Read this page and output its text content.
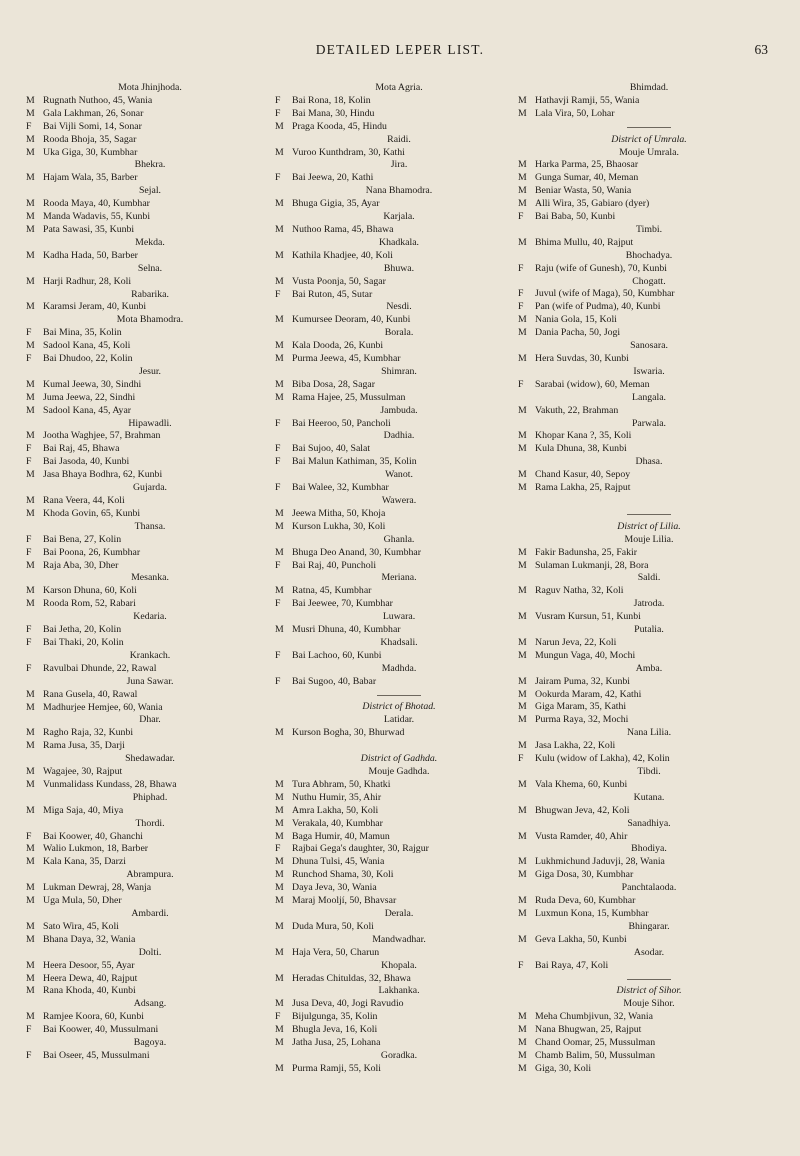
DETAILED LEPER LIST.	63
Mota Jhinjhoda.
M Rugnath Nuthoo, 45, Wania
M Gala Lakhman, 26, Sonar
F Bai Vijli Somi, 14, Sonar
M Rooda Bhoja, 35, Sagar
M Uka Giga, 30, Kumbhar
Bhekra.
M Hajam Wala, 35, Barber
Sejal.
M Rooda Maya, 40, Kumbhar
M Manda Wadavis, 55, Kunbi
M Pata Sawasi, 35, Kunbi
Mekda.
M Kadha Hada, 50, Barber
Selna.
M Harji Radhur, 28, Koli
Rabarika.
M Karamsi Jeram, 40, Kunbi
Mota Bhamodra.
F Bai Mina, 35, Kolin
M Sadool Kana, 45, Koli
F Bai Dhudoo, 22, Kolin
Jesur.
M Kumal Jeewa, 30, Sindhi
M Juma Jeewa, 22, Sindhi
M Sadool Kana, 45, Ayar
Hipawadli.
M Jootha Waghjee, 57, Brahman
F Bai Raj, 45, Bhawa
F Bai Jasoda, 40, Kunbi
M Jasa Bhaya Bodhra, 62, Kunbi
Gujarda.
M Rana Veera, 44, Koli
M Khoda Govin, 65, Kunbi
Thansa.
F Bai Bena, 27, Kolin
F Bai Poona, 26, Kumbhar
M Raja Aba, 30, Dher
Mesanka.
M Karson Dhuna, 60, Koli
M Rooda Rom, 52, Rabari
Kedaria.
F Bai Jetha, 20, Kolin
F Bai Thaki, 20, Kolin
Krankach.
F Ravulbai Dhunde, 22, Rawal
Juna Sawar.
M Rana Gusela, 40, Rawal
M Madhurjee Hemjee, 60, Wania
Dhar.
M Ragho Raja, 32, Kunbi
M Rama Jusa, 35, Darji
Shedawadar.
M Wagajee, 30, Rajput
M Vunmalidass Kundass, 28, Bhawa
Phiphad.
M Miga Saja, 40, Miya
Thordi.
F Bai Koower, 40, Ghanchi
M Walio Lukmon, 18, Barber
M Kala Kana, 35, Darzi
Abrampura.
M Lukman Dewraj, 28, Wanja
M Uga Mula, 50, Dher
Ambardi.
M Sato Wira, 45, Koli
M Bhana Daya, 32, Wania
Dolti.
M Heera Desoor, 55, Ayar
M Heera Dewa, 40, Rajput
M Rana Khoda, 40, Kunbi
Adsang.
M Ramjee Koora, 60, Kunbi
F Bai Koower, 40, Mussulmani
Bagoya.
F Bai Oseer, 45, Mussulmani
Mota Agria.
F Bai Rona, 18, Kolin
F Bai Mana, 30, Hindu
M Praga Kooda, 45, Hindu
Raidi.
M Vuroo Kunthdram, 30, Kathi
Jira.
F Bai Jeewa, 20, Kathi
Nana Bhamodra.
M Bhuga Gigia, 35, Ayar
Karjala.
M Nuthoo Rama, 45, Bhawa
Khadkala.
M Kathila Khadjee, 40, Koli
Bhuwa.
M Vusta Poonja, 50, Sagar
F Bai Ruton, 45, Sutar
Nesdi.
M Kumursee Deoram, 40, Kunbi
Borala.
M Kala Dooda, 26, Kunbi
M Purma Jeewa, 45, Kumbhar
Shimran.
M Biba Dosa, 28, Sagar
M Rama Hajee, 25, Mussulman
Jambuda.
F Bai Heeroo, 50, Pancholi
Dadhia.
F Bai Sujoo, 40, Salat
F Bai Malun Kathiman, 35, Kolin
Wanot.
F Bai Walee, 32, Kumbhar
Wawera.
M Jeewa Mitha, 50, Khoja
M Kurson Lukha, 30, Koli
Ghanla.
M Bhuga Deo Anand, 30, Kumbhar
F Bai Raj, 40, Puncholi
Meriana.
M Ratna, 45, Kumbhar
F Bai Jeewee, 70, Kumbhar
Luwara.
M Musri Dhuna, 40, Kumbhar
Khadsali.
F Bai Lachoo, 60, Kunbi
Madhda.
F Bai Sugoo, 40, Babar
District of Bhotad.
Latidar.
M Kurson Bogha, 30, Bhurwad

District of Gadhda.
Mouje Gadhda.
M Tura Abhram, 50, Khatki
M Nuthu Humir, 35, Ahir
M Amra Lakha, 50, Koli
M Verakala, 40, Kumbhar
M Baga Humir, 40, Mamun
F Rajbai Gega's daughter, 30, Rajgur
M Dhuna Tulsi, 45, Wania
M Runchod Shama, 30, Koli
M Daya Jeva, 30, Wania
M Maraj Mooljí, 50, Bhavsar
Derala.
M Duda Mura, 50, Koli
Mandwadhar.
M Haja Vera, 50, Charun
Khopala.
M Heradas Chituldas, 32, Bhawa
Lakhanka.
M Jusa Deva, 40, Jogi Ravudio
F Bijulgunga, 35, Kolin
M Bhugla Jeva, 16, Koli
M Jatha Jusa, 25, Lohana
Goradka.
M Purma Ramji, 55, Koli
Bhimdad.
M Hathavji Ramji, 55, Wania
M Lala Vira, 50, Lohar
District of Umrala.
Mouje Umrala.
M Harka Parma, 25, Bhaosar
M Gunga Sumar, 40, Meman
M Beniar Wasta, 50, Wania
M Alli Wira, 35, Gabiaro (dyer)
F Bai Baba, 50, Kunbi
Timbi.
M Bhima Mullu, 40, Rajput
Bhochadya.
F Raju (wife of Gunesh), 70, Kunbi
Chogatt.
F Juvul (wife of Maga), 50, Kumbhar
F Pan (wife of Pudma), 40, Kunbi
M Nania Gola, 15, Koli
M Dania Pacha, 50, Jogi
Sanosara.
M Hera Suvdas, 30, Kunbi
Iswaria.
F Sarabai (widow), 60, Meman
Langala.
M Vakuth, 22, Brahman
Parwala.
M Khopar Kana ?, 35, Koli
M Kula Dhuna, 38, Kunbi
Dhasa.
M Chand Kasur, 40, Sepoy
M Rama Lakha, 25, Rajput

District of Lilia.
Mouje Lilia.
M Fakir Badunsha, 25, Fakir
M Sulaman Lukmanji, 28, Bora
Saldi.
M Raguv Natha, 32, Koli
Jatroda.
M Vusram Kursun, 51, Kunbi
Putalia.
M Narun Jeva, 22, Koli
M Mungun Vaga, 40, Mochi
Amba.
M Jairam Puma, 32, Kunbi
M Ookurda Maram, 42, Kathi
M Giga Maram, 35, Kathi
M Purma Raya, 32, Mochi
Nana Lilia.
M Jasa Lakha, 22, Koli
F Kulu (widow of Lakha), 42, Kolin
Tibdi.
M Vala Khema, 60, Kunbi
Kutana.
M Bhugwan Jeva, 42, Koli
Sanadhiya.
M Vusta Ramder, 40, Ahir
Bhodiya.
M Lukhmichund Jaduvji, 28, Wania
M Giga Dosa, 30, Kumbhar
Panchtalaoda.
M Ruda Deva, 60, Kumbhar
M Luxmun Kona, 15, Kumbhar
Bhingarar.
M Geva Lakha, 50, Kunbi
Asodar.
F Bai Raya, 47, Koli
District of Sihor.
Mouje Sihor.
M Meha Chumbjivun, 32, Wania
M Nana Bhugwan, 25, Rajput
M Chand Oomar, 25, Mussulman
M Chamb Balim, 50, Mussulman
M Giga, 30, Koli
